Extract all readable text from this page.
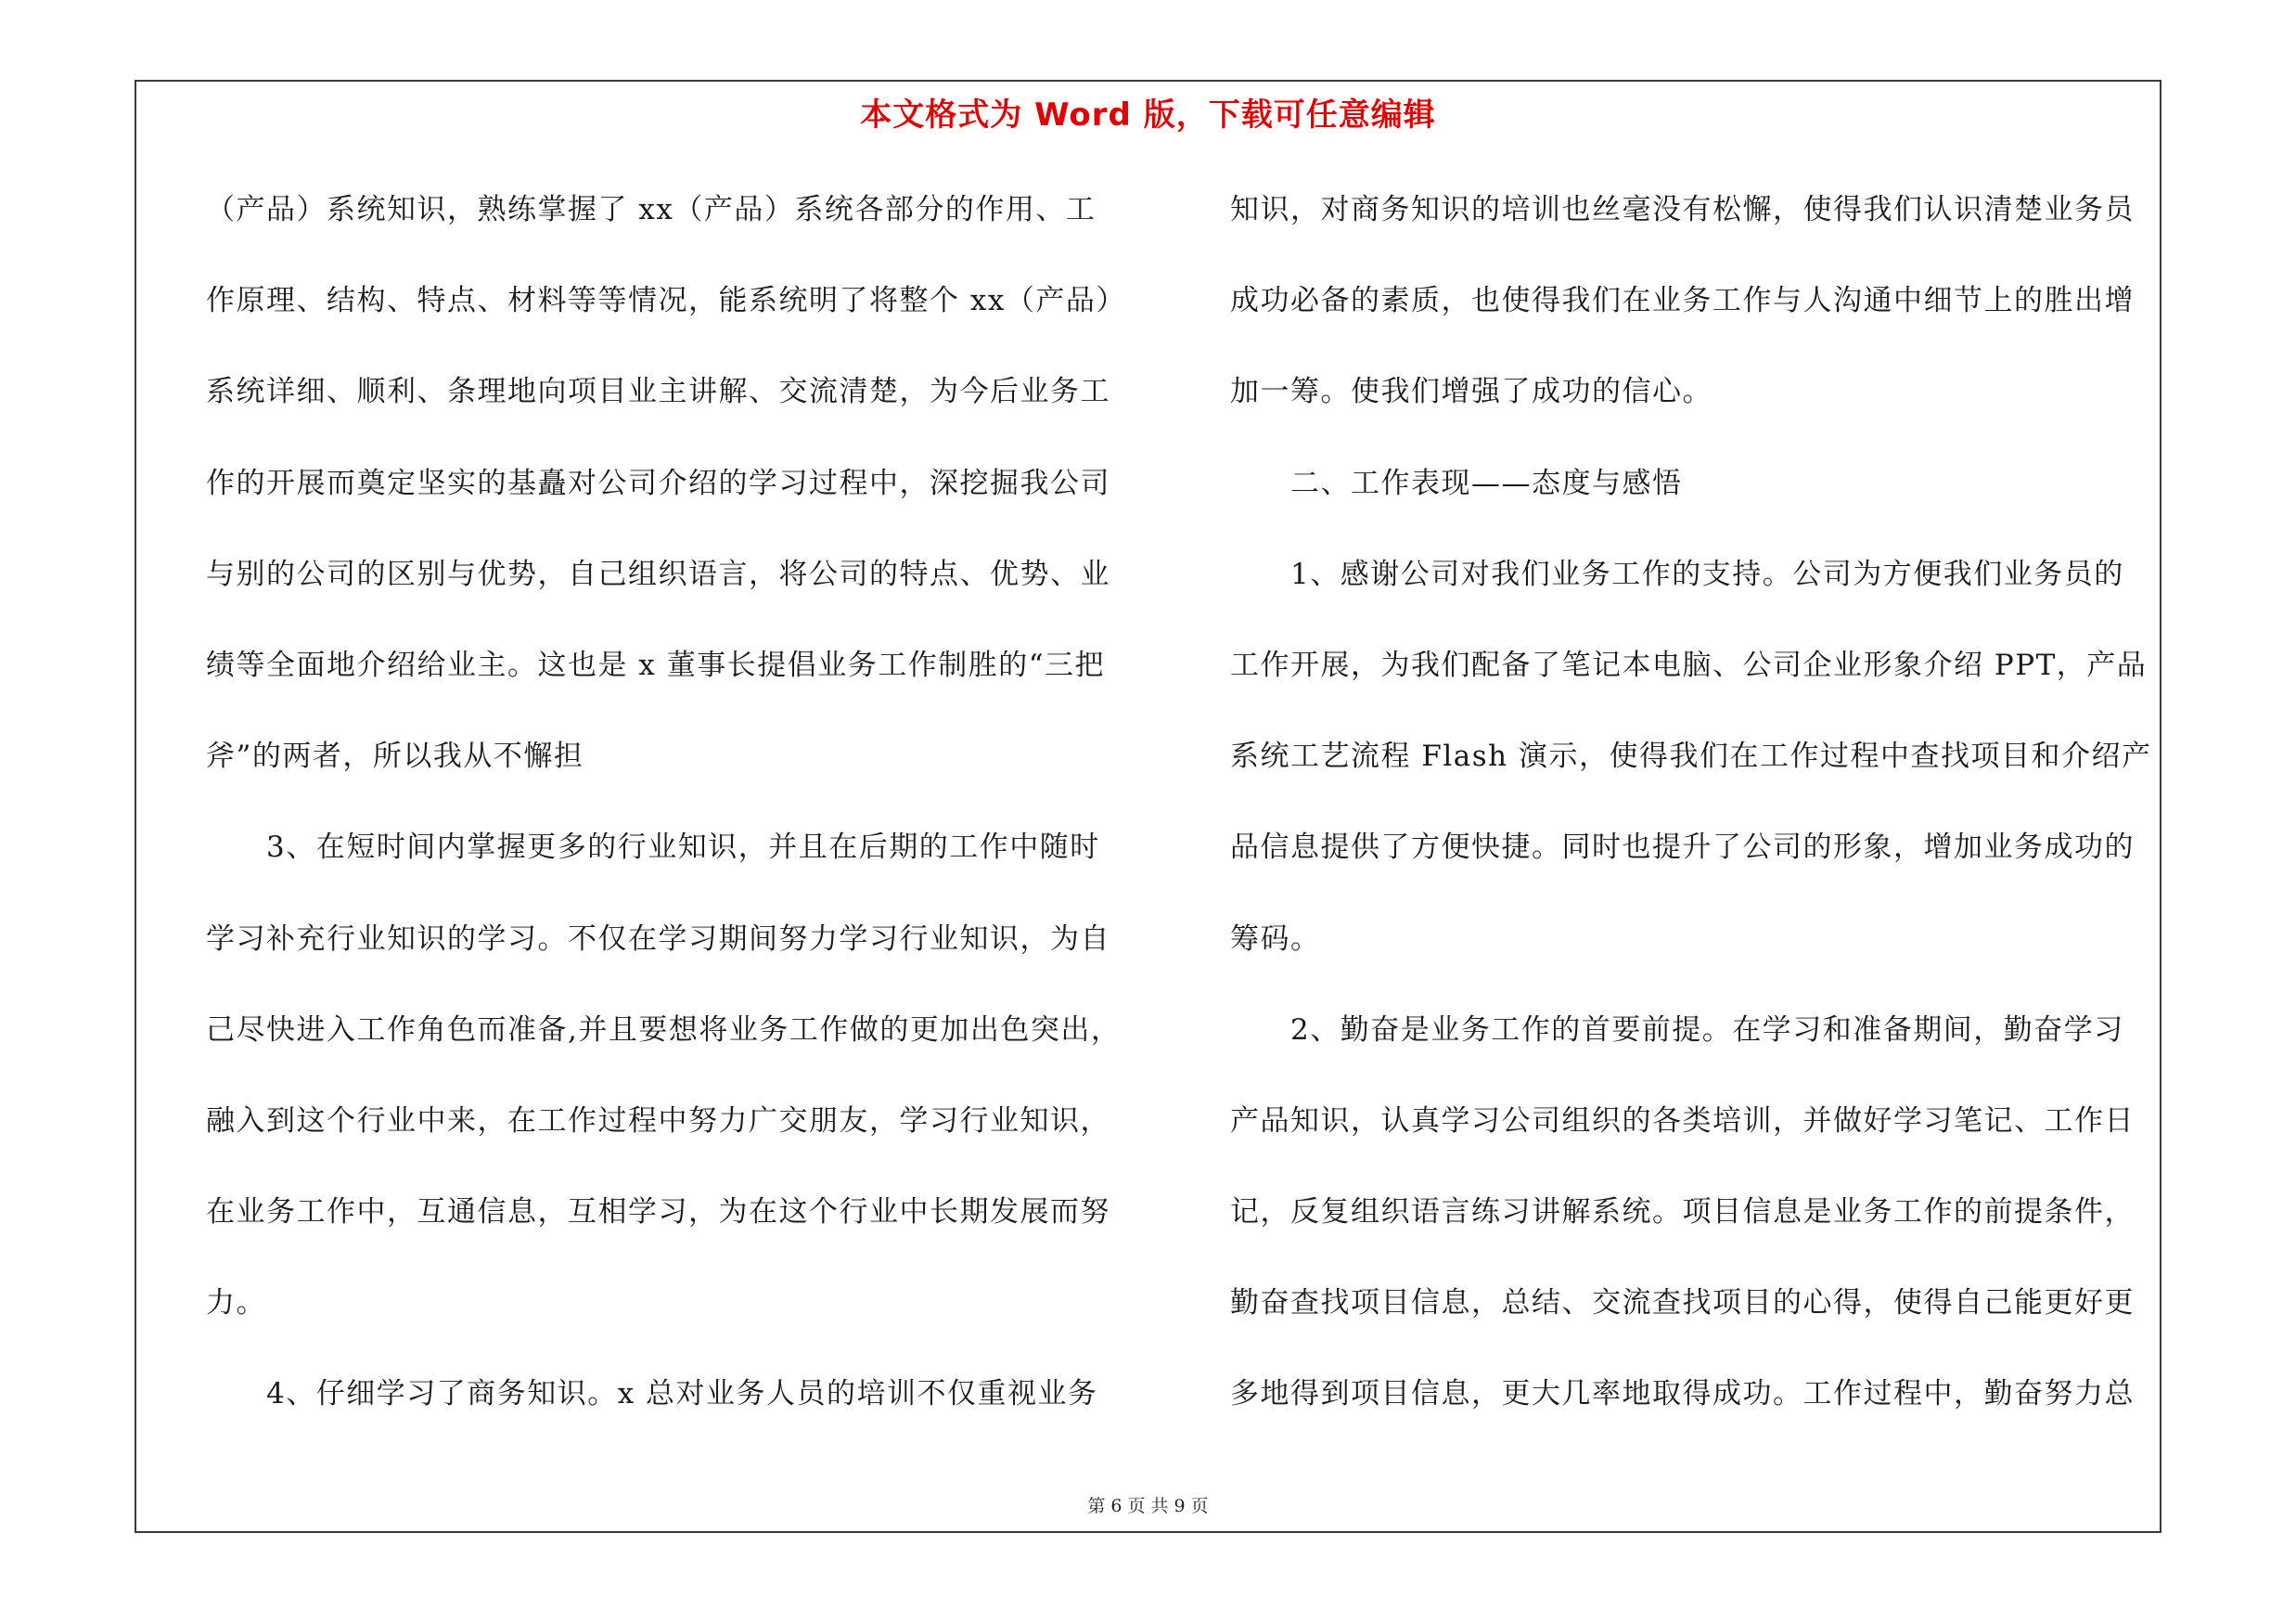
本文格式为 Word 版，下载可任意编辑
（产品）系统知识，熟练掌握了 xx（产品）系统各部分的作用、工
作原理、结构、特点、材料等等情况，能系统明了将整个 xx（产品）
系统详细、顺利、条理地向项目业主讲解、交流清楚，为今后业务工
作的开展而奠定坚实的基矗对公司介绍的学习过程中，深挖掘我公司
与别的公司的区别与优势，自己组织语言，将公司的特点、优势、业
绩等全面地介绍给业主。这也是 x 董事长提倡业务工作制胜的“三把
斧”的两者，所以我从不懈担
　　3、在短时间内掌握更多的行业知识，并且在后期的工作中随时
学习补充行业知识的学习。不仅在学习期间努力学习行业知识，为自
己尽快进入工作角色而准备,并且要想将业务工作做的更加出色突出，
融入到这个行业中来，在工作过程中努力广交朋友，学习行业知识，
在业务工作中，互通信息，互相学习，为在这个行业中长期发展而努
力。
　　4、仔细学习了商务知识。x 总对业务人员的培训不仅重视业务
知识，对商务知识的培训也丝毫没有松懈，使得我们认识清楚业务员
成功必备的素质，也使得我们在业务工作与人沟通中细节上的胜出增
加一筹。使我们增强了成功的信心。
　　二、工作表现——态度与感悟
　　1、感谢公司对我们业务工作的支持。公司为方便我们业务员的
工作开展，为我们配备了笔记本电脑、公司企业形象介绍 PPT，产品
系统工艺流程 Flash 演示，使得我们在工作过程中查找项目和介绍产
品信息提供了方便快捷。同时也提升了公司的形象，增加业务成功的
筹码。
　　2、勤奋是业务工作的首要前提。在学习和准备期间，勤奋学习
产品知识，认真学习公司组织的各类培训，并做好学习笔记、工作日
记，反复组织语言练习讲解系统。项目信息是业务工作的前提条件，
勤奋查找项目信息，总结、交流查找项目的心得，使得自己能更好更
多地得到项目信息，更大几率地取得成功。工作过程中，勤奋努力总
第 6 页 共 9 页
